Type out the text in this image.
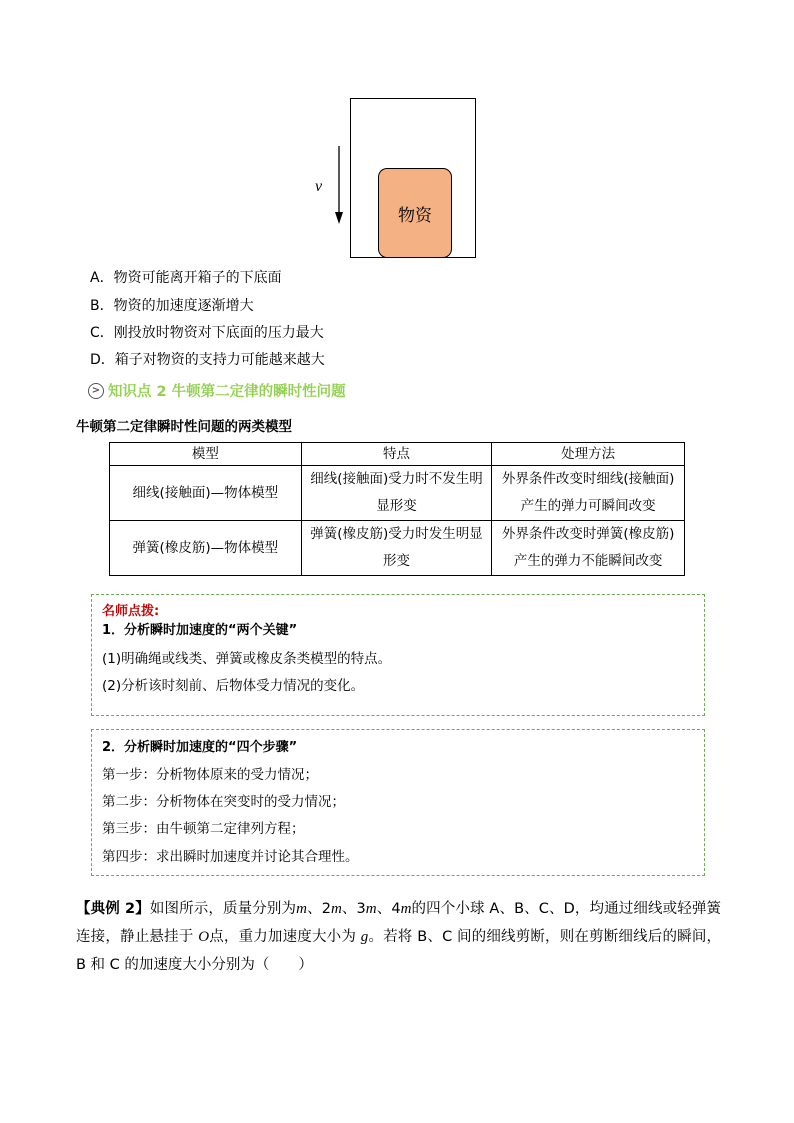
物资
v
A．物资可能离开箱子的下底面
B．物资的加速度逐渐增大
C．刚投放时物资对下底面的压力最大
D．箱子对物资的支持力可能越来越大
> 知识点 2 牛顿第二定律的瞬时性问题
牛顿第二定律瞬时性问题的两类模型
模型	特点	处理方法
细线(接触面)—物体模型	细线(接触面)受力时不发生明
显形变	外界条件改变时细线(接触面)
产生的弹力可瞬间改变
弹簧(橡皮筋)—物体模型	弹簧(橡皮筋)受力时发生明显
形变	外界条件改变时弹簧(橡皮筋)
产生的弹力不能瞬间改变
名师点拨:
1．分析瞬时加速度的“两个关键”
(1)明确绳或线类、弹簧或橡皮条类模型的特点。
(2)分析该时刻前、后物体受力情况的变化。
2．分析瞬时加速度的“四个步骤”
第一步：分析物体原来的受力情况；
第二步：分析物体在突变时的受力情况；
第三步：由牛顿第二定律列方程；
第四步：求出瞬时加速度并讨论其合理性。
【典例 2】如图所示，质量分别为m、2m、3m、4m的四个小球 A、B、C、D，均通过细线或轻弹簧连接，静止悬挂于 O点，重力加速度大小为 g。若将 B、C 间的细线剪断，则在剪断细线后的瞬间，B 和 C 的加速度大小分别为（　　）
